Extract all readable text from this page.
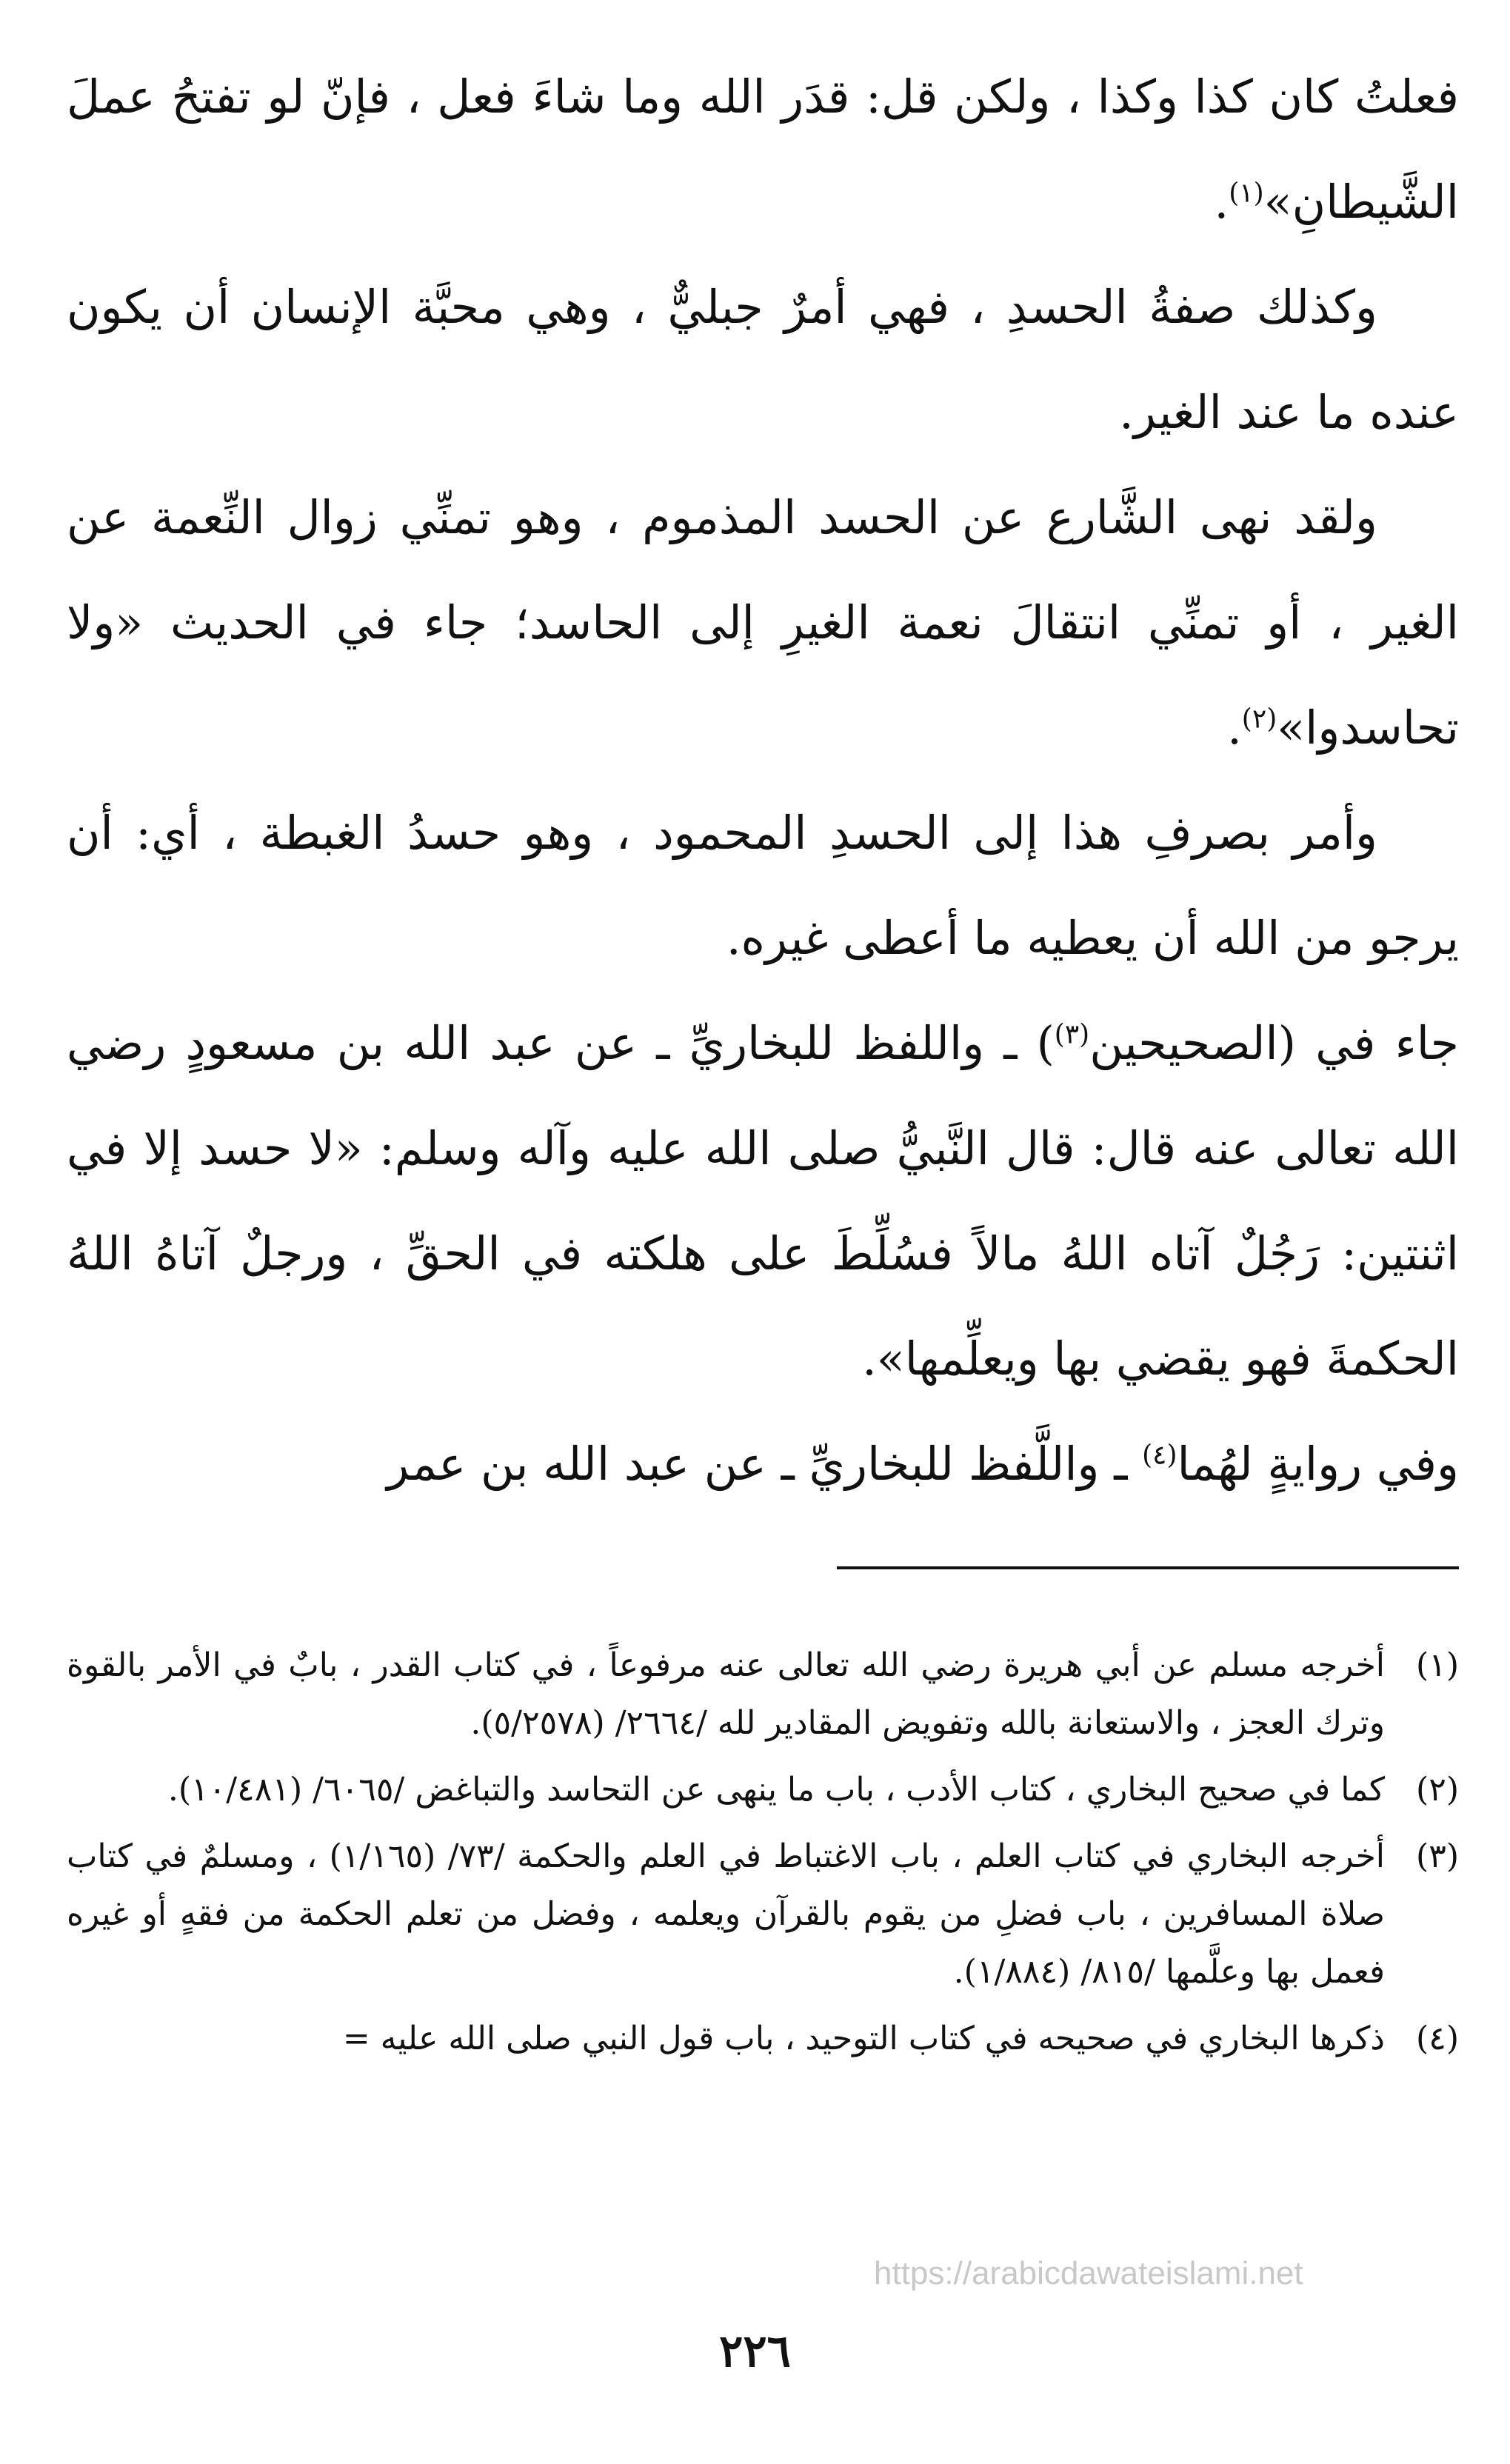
فعلتُ كان كذا وكذا ، ولكن قل: قدَر الله وما شاءَ فعل ، فإنّ لو تفتحُ عملَ الشَّيطانِ»$^{(١)}$.

وكذلك صفةُ الحسدِ ، فهي أمرٌ جبليٌّ ، وهي محبَّة الإنسان أن يكون عنده ما عند الغير.

ولقد نهى الشَّارع عن الحسد المذموم ، وهو تمنِّي زوال النِّعمة عن الغير ، أو تمنِّي انتقالَ نعمة الغيرِ إلى الحاسد؛ جاء في الحديث «ولا تحاسدوا»$^{(٢)}$.

وأمر بصرفِ هذا إلى الحسدِ المحمود ، وهو حسدُ الغبطة ، أي: أن يرجو من الله أن يعطيه ما أعطى غيره.

جاء في (الصحيحين$^{(٣)}$) ـ واللفظ للبخاريِّ ـ عن عبد الله بن مسعودٍ رضي الله تعالى عنه قال: قال النَّبيُّ صلى الله عليه وآله وسلم: «لا حسد إلا في اثنتين: رَجُلٌ آتاه اللهُ مالاً فسُلِّطَ على هلكته في الحقِّ ، ورجلٌ آتاهُ اللهُ الحكمةَ فهو يقضي بها ويعلِّمها».

وفي روايةٍ لهُما$^{(٤)}$ ـ واللَّفظ للبخاريِّ ـ عن عبد الله بن عمر

(١)
أخرجه مسلم عن أبي هريرة رضي الله تعالى عنه مرفوعاً ، في كتاب القدر ، بابٌ في الأمر بالقوة وترك العجز ، والاستعانة بالله وتفويض المقادير لله /٢٦٦٤/ (٥/٢٥٧٨).
(٢)
كما في صحيح البخاري ، كتاب الأدب ، باب ما ينهى عن التحاسد والتباغض /٦٠٦٥/ (١٠/٤٨١).
(٣)
أخرجه البخاري في كتاب العلم ، باب الاغتباط في العلم والحكمة /٧٣/ (١/١٦٥) ، ومسلمٌ في كتاب صلاة المسافرين ، باب فضلِ من يقوم بالقرآن ويعلمه ، وفضل من تعلم الحكمة من فقهٍ أو غيره فعمل بها وعلَّمها /٨١٥/ (١/٨٨٤).
(٤)
ذكرها البخاري في صحيحه في كتاب التوحيد ، باب قول النبي صلى الله عليه =
https://arabicdawateislami.net
٢٢٦
